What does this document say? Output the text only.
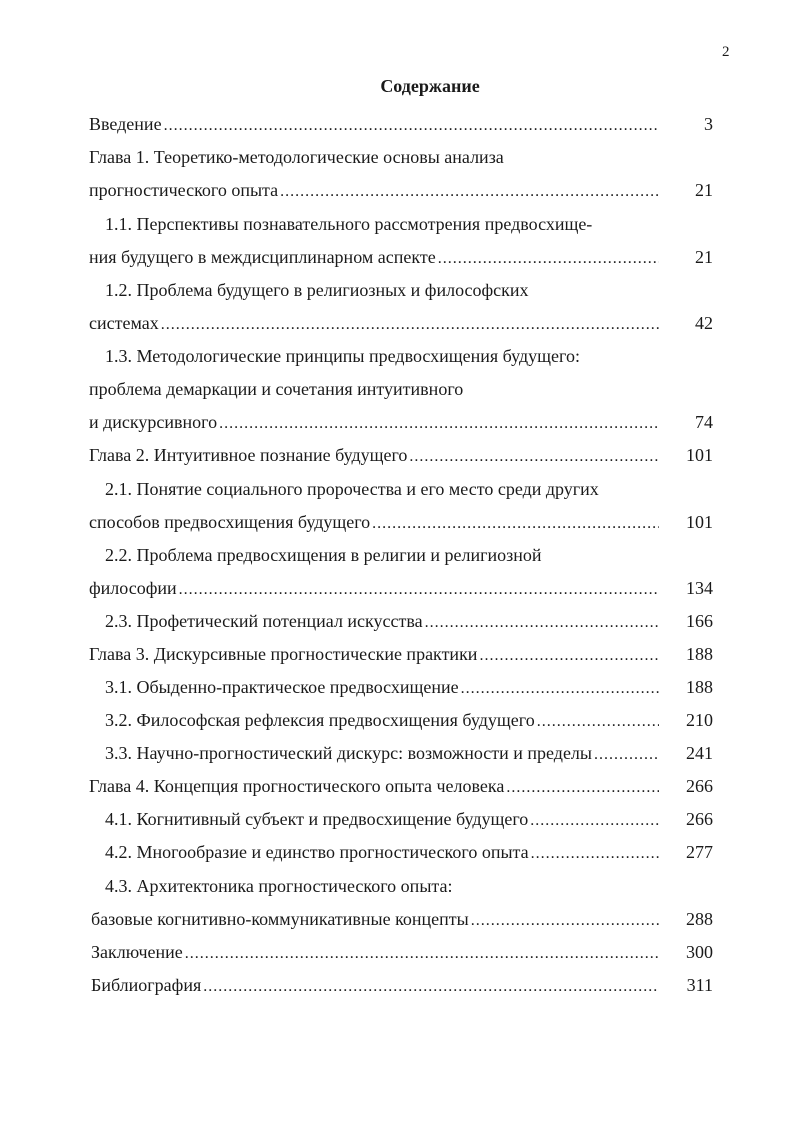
2
Содержание
Введение . . .	3
Глава 1. Теоретико-методологические основы анализа
прогностического опыта . . .	21
1.1. Перспективы познавательного рассмотрения предвосхище-
ния будущего в междисциплинарном аспекте . . .	21
1.2. Проблема будущего в религиозных и философских
системах . . .	42
1.3. Методологические принципы предвосхищения будущего:
проблема демаркации и сочетания интуитивного
и дискурсивного . . .	74
Глава 2. Интуитивное познание будущего . . .	101
2.1. Понятие социального пророчества и его место среди других
способов предвосхищения будущего . . .	101
2.2. Проблема предвосхищения в религии и религиозной
философии . . .	134
2.3. Профетический потенциал искусства . . .	166
Глава 3. Дискурсивные прогностические практики . . .	188
3.1. Обыденно-практическое предвосхищение . . .	188
3.2. Философская рефлексия предвосхищения будущего . . .	210
3.3. Научно-прогностический дискурс: возможности и пределы . . .	241
Глава 4. Концепция прогностического опыта человека . . .	266
4.1. Когнитивный субъект и предвосхищение будущего . . .	266
4.2. Многообразие и единство прогностического опыта . . .	277
4.3. Архитектоника прогностического опыта:
базовые когнитивно-коммуникативные концепты . . .	288
Заключение . . .	300
Библиография . . .	311
